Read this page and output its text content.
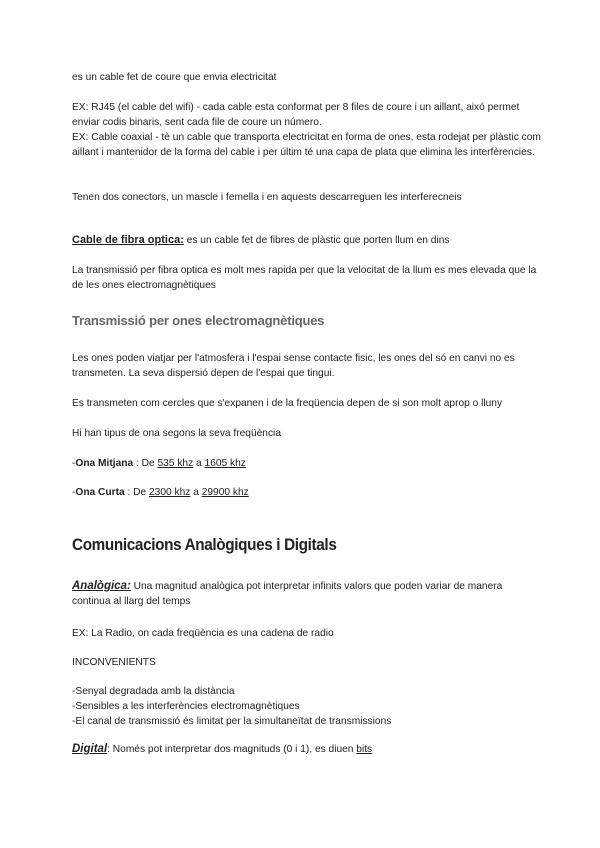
es un cable fet de coure que envia electricitat

EX: RJ45 (el cable del wifi) - cada cable esta conformat per 8 files de coure i un aillant, aixó permet enviar codis binaris, sent cada file de coure un número.

EX: Cable coaxial - tè un cable que transporta electricitat en forma de ones, esta rodejat per plàstic com aillant i mantenidor de la forma del cable i per últim té una capa de plata que elimina les interfèrencies.

Tenen dos conectors, un mascle i femella i en aquests descarreguen les interferecneis

Cable de fibra optica: es un cable fet de fibres de plàstic que porten llum en dins

La transmissió per fibra optica es molt mes rapida per que la velocitat de la llum es mes elevada que la de les ones electromagnètiques

Transmissió per ones electromagnètiques

Les ones poden viatjar per l'atmosfera i l'espai sense contacte fisic, les ones del só en canvi no es transmeten. La seva dispersió depen de l'espai que tingui.

Es transmeten com cercles que s'expanen i de la freqüencia depen de si son molt aprop o lluny

Hi han tipus de ona segons la seva freqüència

-Ona Mitjana : De 535 khz a 1605 khz

-Ona Curta : De 2300 khz a 29900 khz

Comunicacions Analògiques i Digitals

Analògica: Una magnitud analògica pot interpretar infinits valors que poden variar de manera continua al llarg del temps

EX: La Radio, on cada freqüència es una cadena de radio

INCONVENIENTS

-Senyal degradada amb la distància
-Sensibles a les interferències electromagnètiques
-El canal de transmissió és limitat per la simultaneïtat de transmissions

Digital: Només pot interpretar dos magnituds (0 i 1), es diuen bits
